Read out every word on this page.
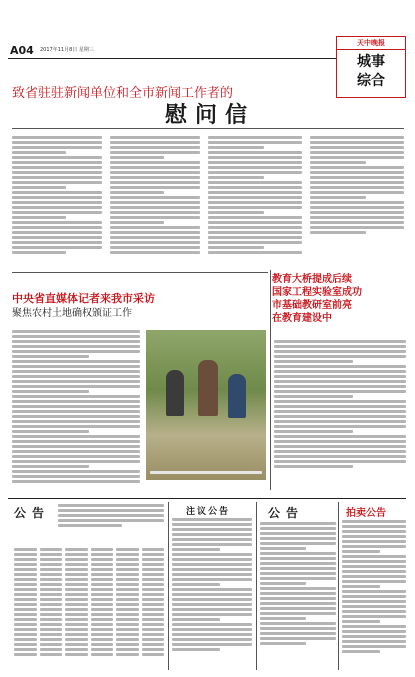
A04 2017年11月8日 星期三
天中晚报
城事
综合
致省驻驻新闻单位和全市新闻工作者的
慰问信
中央省直媒体记者来我市采访
聚焦农村土地确权颁证工作
教育大桥提成后续
国家工程实验室成功
市基础教研室前亮
在教育建设中
公告	注议公告	公告	拍卖公告
